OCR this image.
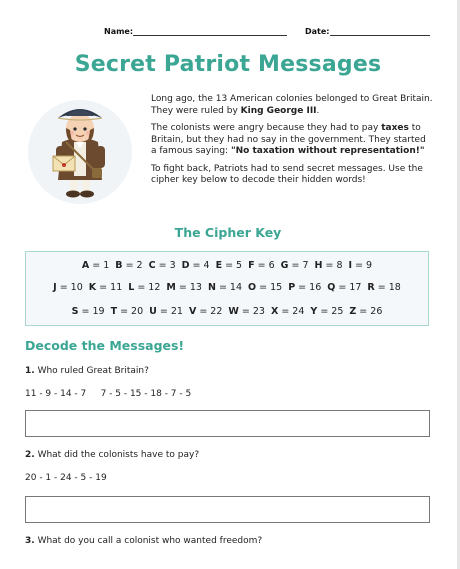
Name:	Date:
Secret Patriot Messages

Long ago, the 13 American colonies belonged to Great Britain. They were ruled by King George III.

The colonists were angry because they had to pay taxes to Britain, but they had no say in the government. They started a famous saying: "No taxation without representation!"

To fight back, Patriots had to send secret messages. Use the cipher key below to decode their hidden words!

The Cipher Key
A = 1 B = 2 C = 3 D = 4 E = 5 F = 6 G = 7 H = 8 I = 9
J = 10 K = 11 L = 12 M = 13 N = 14 O = 15 P = 16 Q = 17 R = 18
S = 19 T = 20 U = 21 V = 22 W = 23 X = 24 Y = 25 Z = 26
Decode the Messages!
1. Who ruled Great Britain?
11 - 9 - 14 - 7     7 - 5 - 15 - 18 - 7 - 5
2. What did the colonists have to pay?
20 - 1 - 24 - 5 - 19
3. What do you call a colonist who wanted freedom?
